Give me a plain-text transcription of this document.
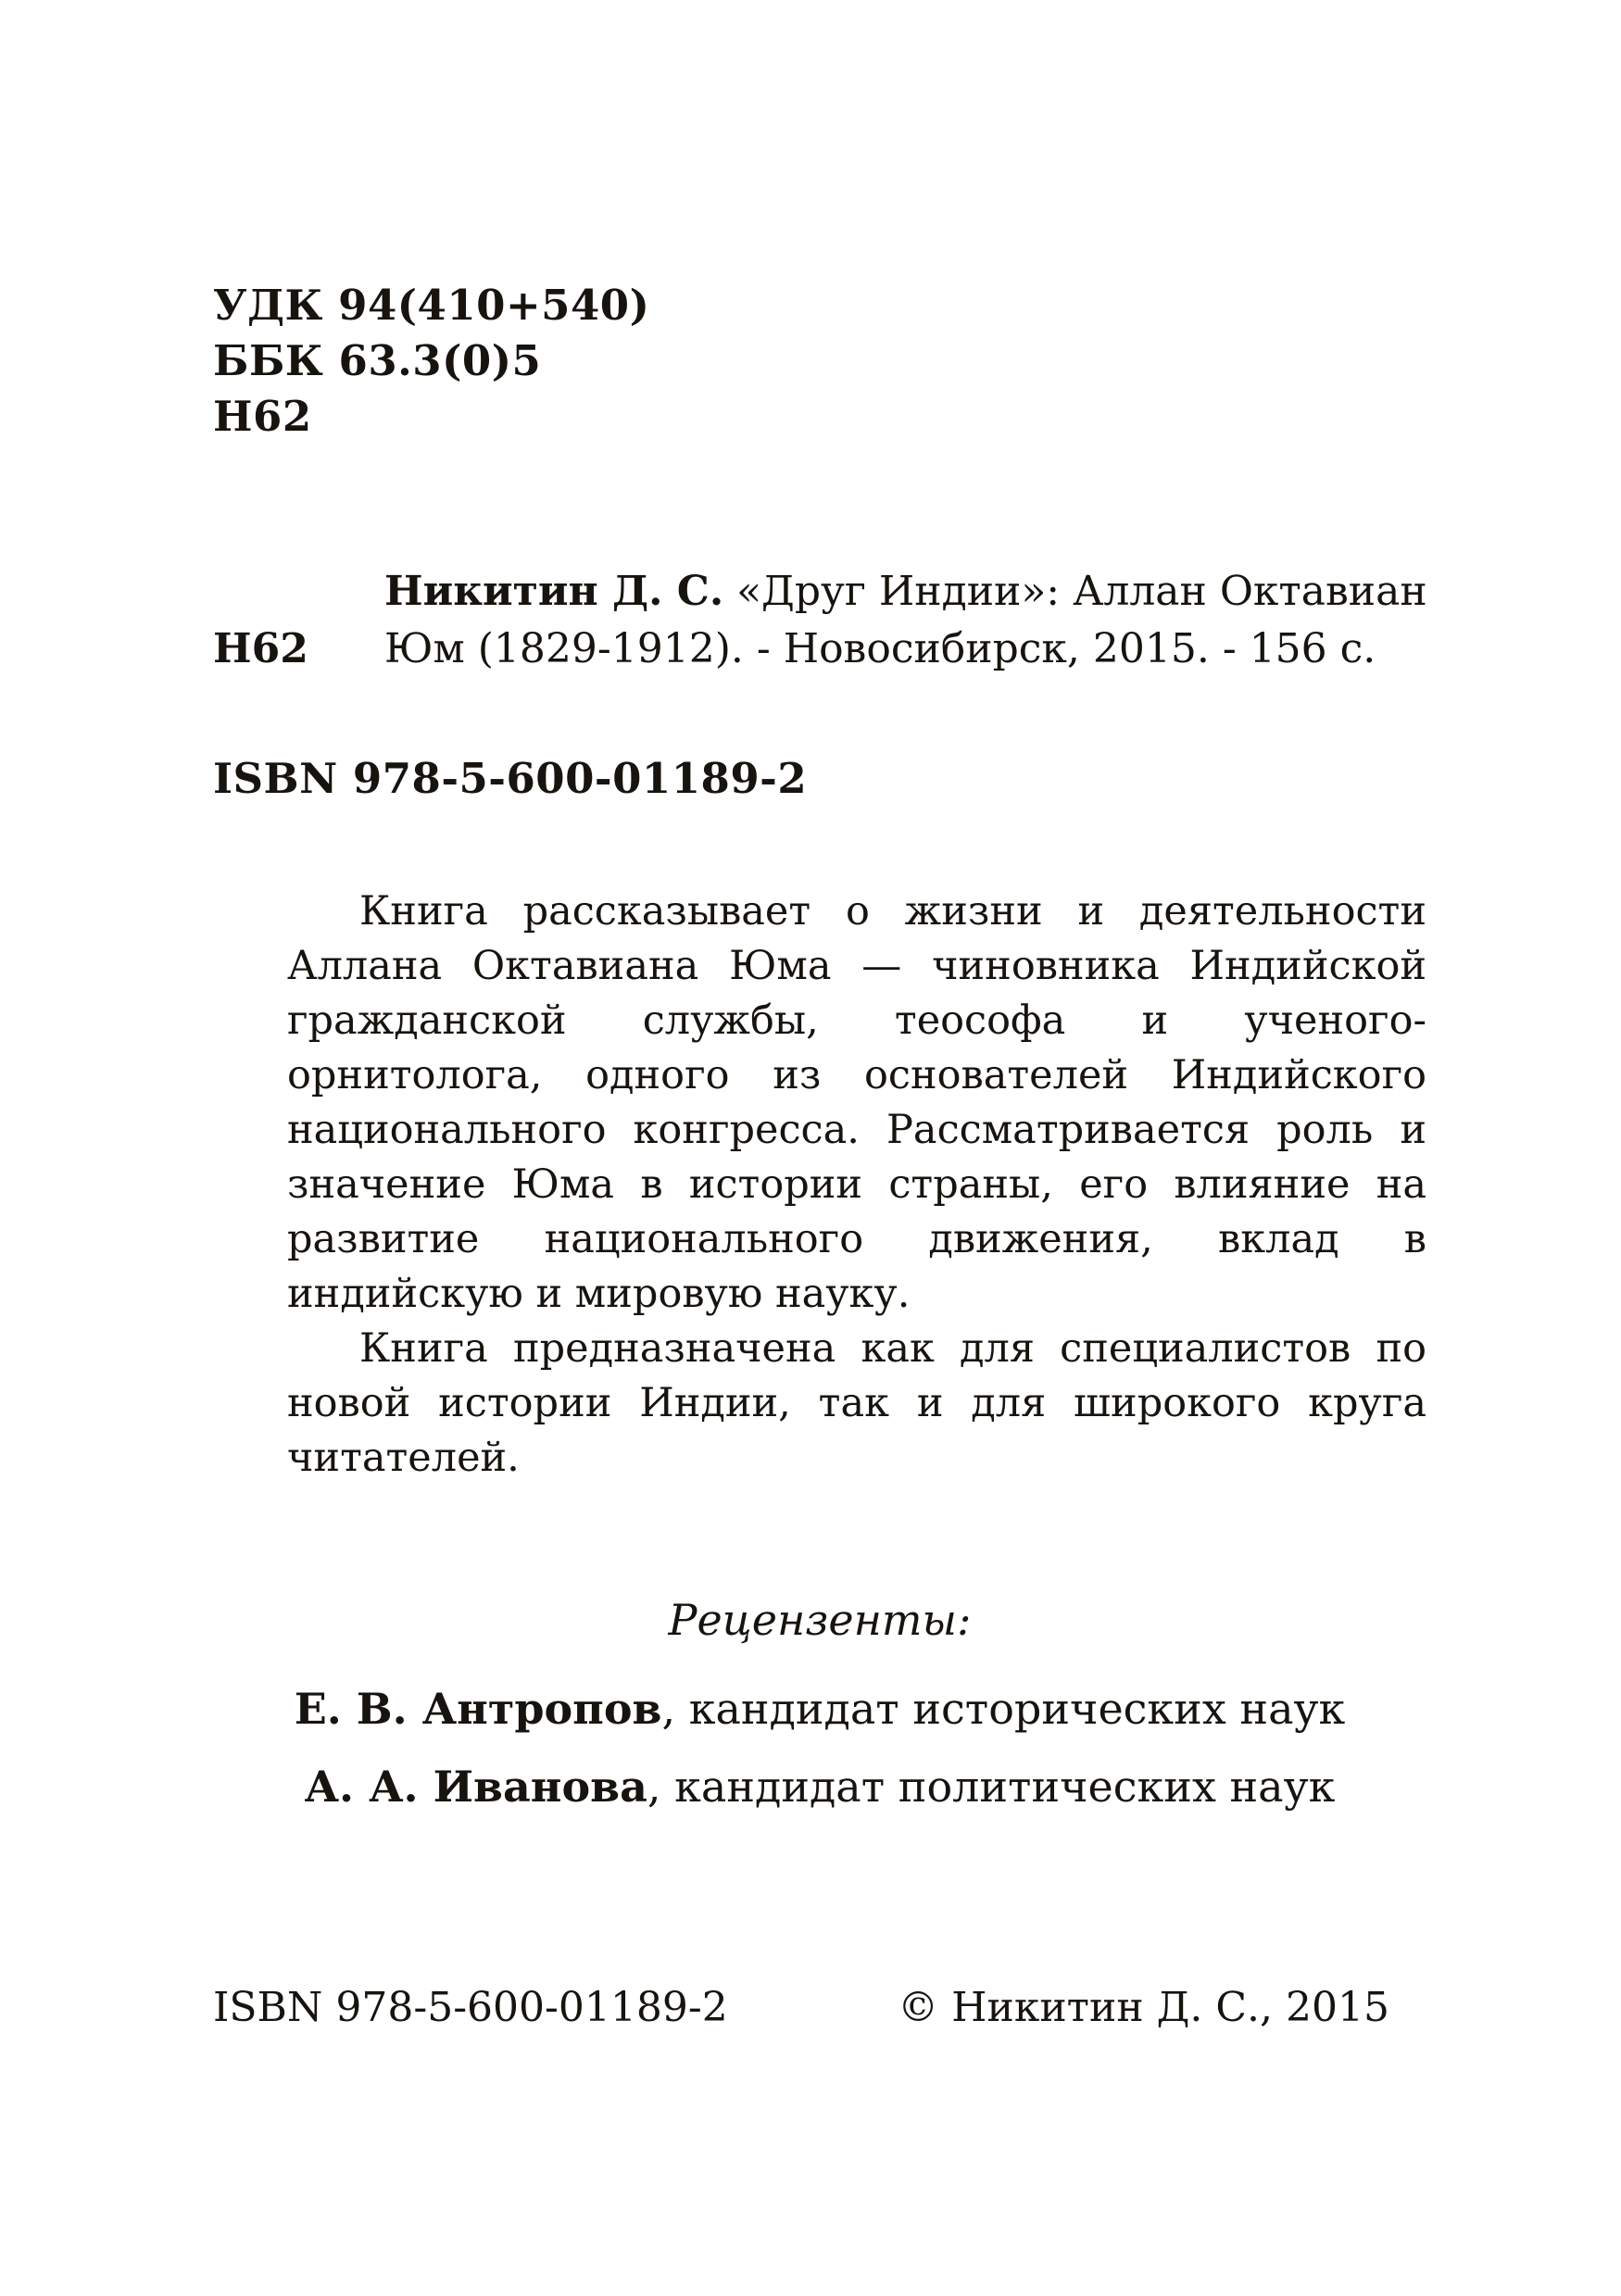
УДК 94(410+540)
ББК 63.3(0)5
Н62
Н62
Никитин Д. С. «Друг Индии»: Аллан Октавиан
Юм (1829-1912). - Новосибирск, 2015. - 156 с.
ISBN 978-5-600-01189-2

Книга рассказывает о жизни и деятельности Аллана Октавиана Юма — чиновника Индийской гражданской службы, теософа и ученого-орнитолога, одного из основателей Индийского национального конгресса. Рассматривается роль и значение Юма в истории страны, его влияние на развитие национального движения, вклад в индийскую и мировую науку.

Книга предназначена как для специалистов по новой истории Индии, так и для широкого круга читателей.

Рецензенты:
Е. В. Антропов, кандидат исторических наук
А. А. Иванова, кандидат политических наук
ISBN 978-5-600-01189-2	© Никитин Д. С., 2015
